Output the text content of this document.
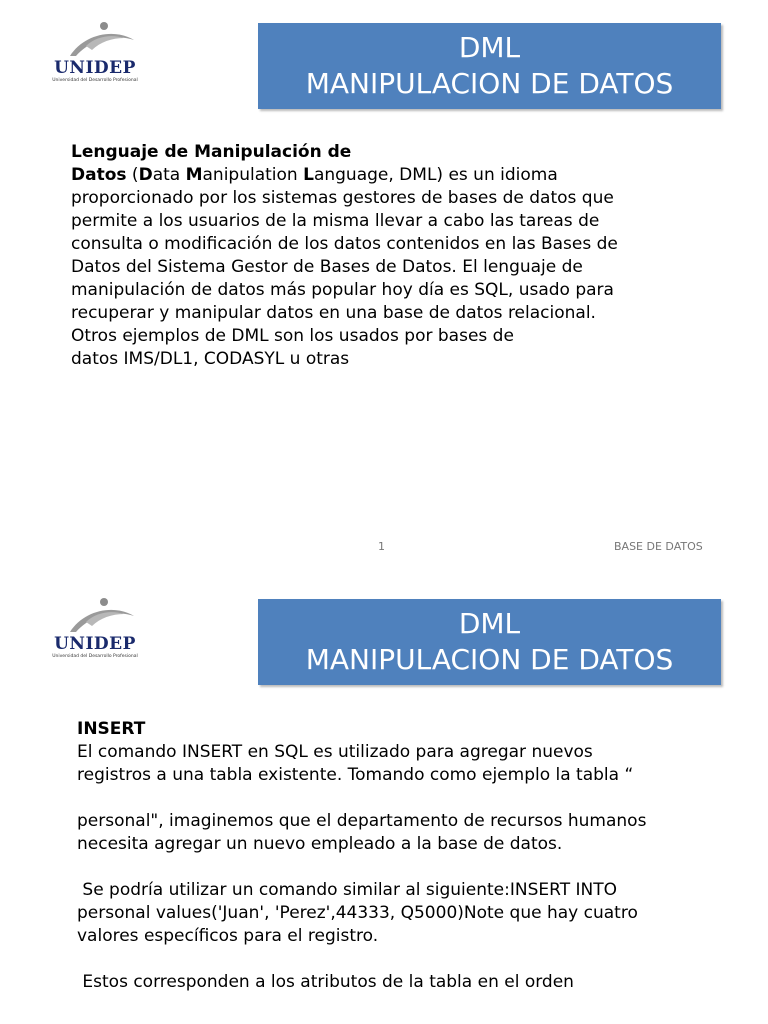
UNIDEP
Universidad del Desarrollo Profesional
DML
MANIPULACION DE DATOS

Lenguaje de Manipulación de

Datos (Data Manipulation Language, DML) es un idioma proporcionado por los sistemas gestores de bases de datos que permite a los usuarios de la misma llevar a cabo las tareas de consulta o modificación de los datos contenidos en las Bases de Datos del Sistema Gestor de Bases de Datos. El lenguaje de manipulación de datos más popular hoy día es SQL, usado para recuperar y manipular datos en una base de datos relacional. Otros ejemplos de DML son los usados por bases de

datos IMS/DL1, CODASYL u otras

1	BASE DE DATOS
UNIDEP
Universidad del Desarrollo Profesional
DML
MANIPULACION DE DATOS

INSERT

El comando INSERT en SQL es utilizado para agregar nuevos registros a una tabla existente. Tomando como ejemplo la tabla “

personal", imaginemos que el departamento de recursos humanos necesita agregar un nuevo empleado a la base de datos.

Se podría utilizar un comando similar al siguiente:INSERT INTO personal values('Juan', 'Perez',44333, Q5000)Note que hay cuatro valores específicos para el registro.

Estos corresponden a los atributos de la tabla en el orden
